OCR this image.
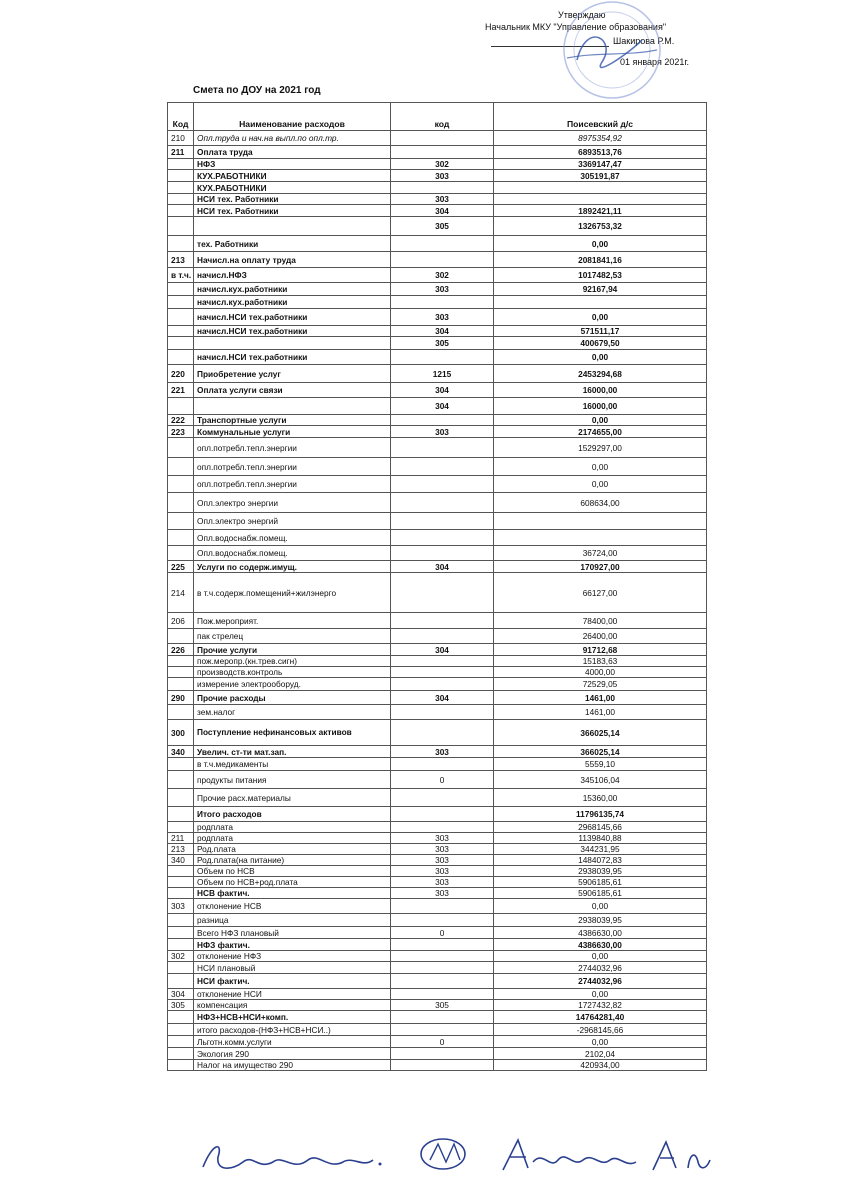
Утверждаю
Начальник МКУ "Управление образования"
Шакирова Р.М.
01 января 2021г.
Смета по ДОУ на 2021 год
Код	Наименование расходов	код	Поисевский д/с
210	Опл.труда и нач.на выпл.по опл.тр.		8975354,92
211	Оплата труда		6893513,76
	НФЗ	302	3369147,47
	КУХ.РАБОТНИКИ	303	305191,87
	КУХ.РАБОТНИКИ		
	НСИ тех. Работники	303	
	НСИ тех. Работники	304	1892421,11
		305	1326753,32
	тех. Работники		0,00
213	Начисл.на оплату труда		2081841,16
в т.ч.	начисл.НФЗ	302	1017482,53
	начисл.кух.работники	303	92167,94
	начисл.кух.работники		
	начисл.НСИ тех.работники	303	0,00
	начисл.НСИ тех.работники	304	571511,17
		305	400679,50
	начисл.НСИ тех.работники		0,00
220	Приобретение услуг	1215	2453294,68
221	Оплата услуги связи	304	16000,00
		304	16000,00
222	Транспортные услуги		0,00
223	Коммунальные услуги	303	2174655,00
	опл.потребл.тепл.энергии		1529297,00
	опл.потребл.тепл.энергии		0,00
	опл.потребл.тепл.энергии		0,00
	Опл.электро энергии		608634,00
	Опл.электро энергий		
	Опл.водоснабж.помещ.		
	Опл.водоснабж.помещ.		36724,00
225	Услуги по содерж.имущ.	304	170927,00
214	в т.ч.содерж.помещений+жилэнерго		66127,00
206	Пож.мероприят.		78400,00
	пак стрелец		26400,00
226	Прочие услуги	304	91712,68
	пож.меропр.(кн.трев.сигн)		15183,63
	производств.контроль		4000,00
	измерение электрооборуд.		72529,05
290	Прочие расходы	304	1461,00
	зем.налог		1461,00
300	Поступление нефинансовых активов		366025,14
340	Увелич. ст-ти мат.зап.	303	366025,14
	в т.ч.медикаменты		5559,10
	продукты питания	0	345106,04
	Прочие расх.материалы		15360,00
	Итого расходов		11796135,74
	родплата		2968145,66
211	родплата	303	1139840,88
213	Род.плата	303	344231,95
340	Род.плата(на питание)	303	1484072,83
	Объем по НСВ	303	2938039,95
	Объем по НСВ+род.плата	303	5906185,61
	НСВ фактич.	303	5906185,61
303	отклонение НСВ		0,00
	разница		2938039,95
	Всего НФЗ плановый	0	4386630,00
	НФЗ фактич.		4386630,00
302	отклонение НФЗ		0,00
	НСИ плановый		2744032,96
	НСИ фактич.		2744032,96
304	отклонение НСИ		0,00
305	компенсация	305	1727432,82
	НФЗ+НСВ+НСИ+комп.		14764281,40
	итого расходов-(НФЗ+НСВ+НСИ..)		-2968145,66
	Льготн.комм.услуги	0	0,00
	Экология 290		2102,04
	Налог на имущество 290		420934,00
